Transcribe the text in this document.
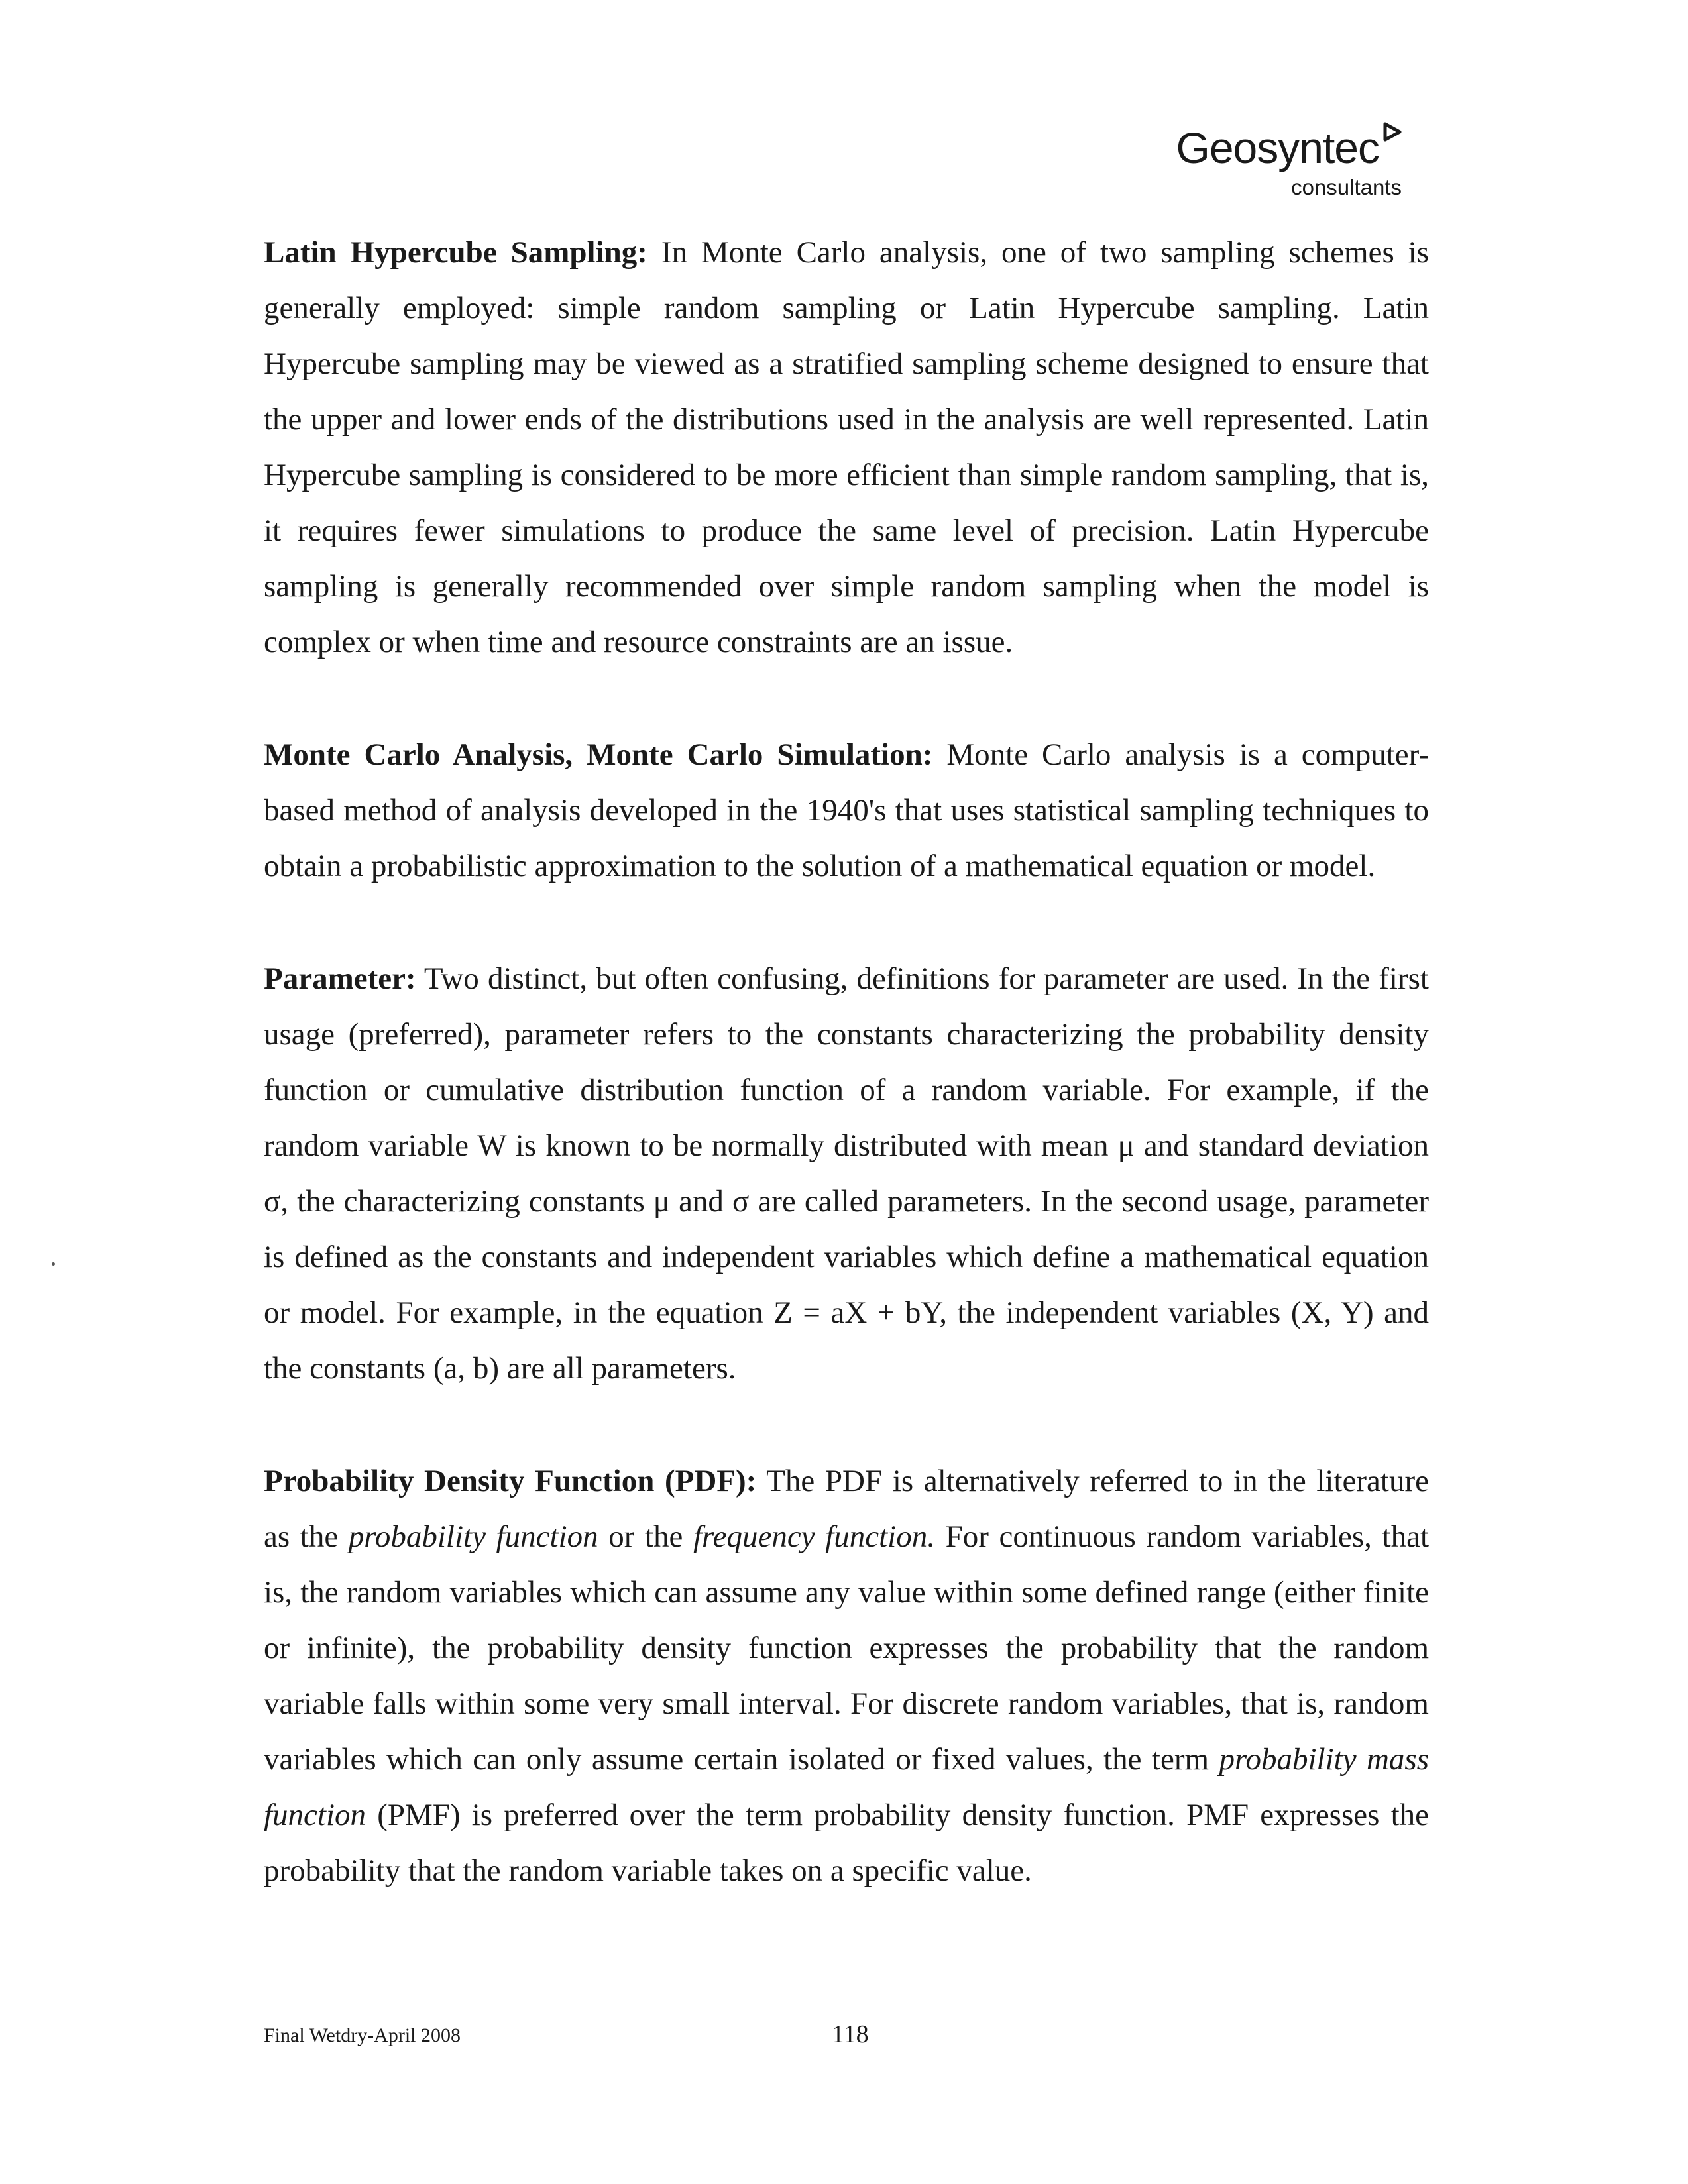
Geosyntec
consultants

Latin Hypercube Sampling: In Monte Carlo analysis, one of two sampling schemes is generally employed: simple random sampling or Latin Hypercube sampling. Latin Hypercube sampling may be viewed as a stratified sampling scheme designed to ensure that the upper and lower ends of the distributions used in the analysis are well represented. Latin Hypercube sampling is considered to be more efficient than simple random sampling, that is, it requires fewer simulations to produce the same level of precision. Latin Hypercube sampling is generally recommended over simple random sampling when the model is complex or when time and resource constraints are an issue.

Monte Carlo Analysis, Monte Carlo Simulation: Monte Carlo analysis is a computer-based method of analysis developed in the 1940's that uses statistical sampling techniques to obtain a probabilistic approximation to the solution of a mathematical equation or model.

Parameter: Two distinct, but often confusing, definitions for parameter are used. In the first usage (preferred), parameter refers to the constants characterizing the probability density function or cumulative distribution function of a random variable. For example, if the random variable W is known to be normally distributed with mean μ and standard deviation σ, the characterizing constants μ and σ are called parameters. In the second usage, parameter is defined as the constants and independent variables which define a mathematical equation or model. For example, in the equation Z = aX + bY, the independent variables (X, Y) and the constants (a, b) are all parameters.

Probability Density Function (PDF): The PDF is alternatively referred to in the literature as the probability function or the frequency function. For continuous random variables, that is, the random variables which can assume any value within some defined range (either finite or infinite), the probability density function expresses the probability that the random variable falls within some very small interval. For discrete random variables, that is, random variables which can only assume certain isolated or fixed values, the term probability mass function (PMF) is preferred over the term probability density function. PMF expresses the probability that the random variable takes on a specific value.

Final Wetdry-April 2008	118
